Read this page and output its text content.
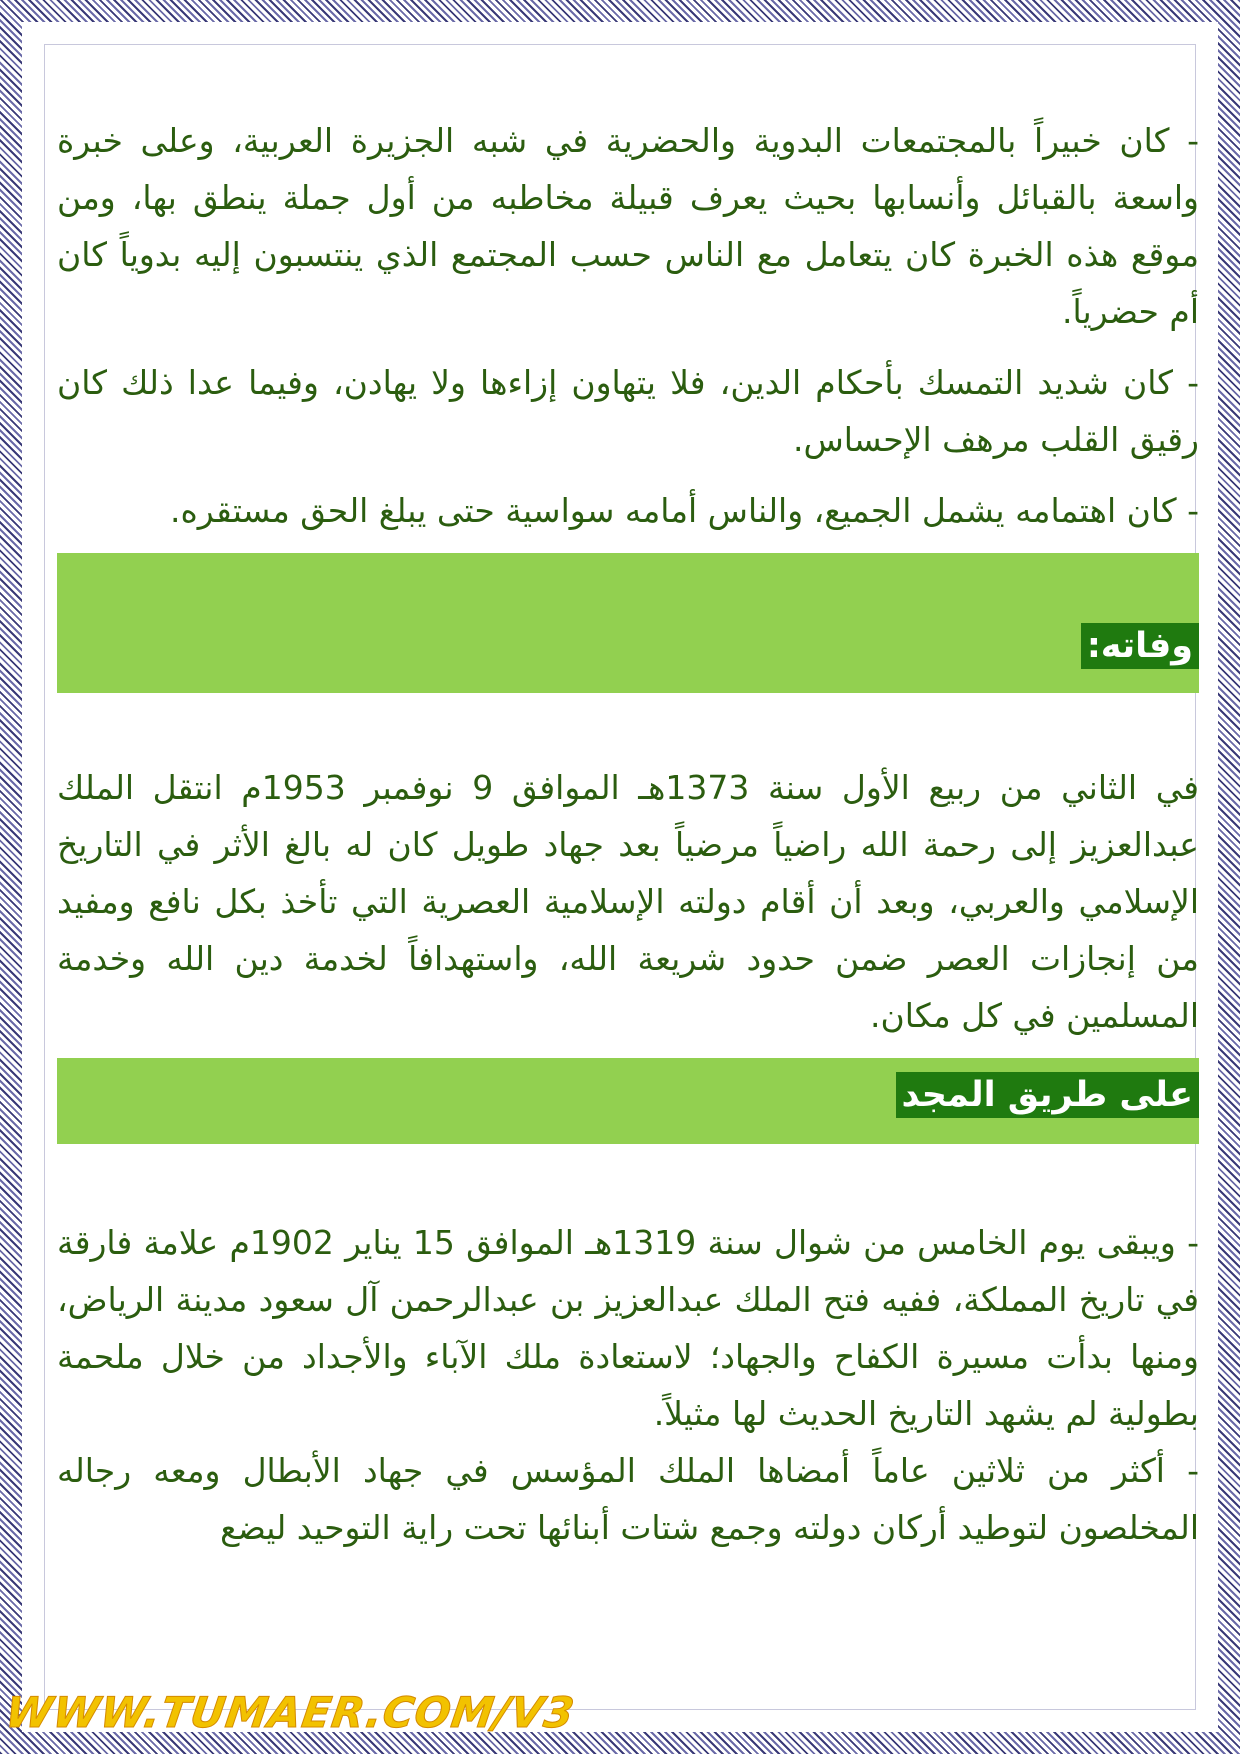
- كان خبيراً بالمجتمعات البدوية والحضرية في شبه الجزيرة العربية، وعلى خبرة واسعة بالقبائل وأنسابها بحيث يعرف قبيلة مخاطبه من أول جملة ينطق بها، ومن موقع هذه الخبرة كان يتعامل مع الناس حسب المجتمع الذي ينتسبون إليه بدوياً كان أم حضرياً.

- كان شديد التمسك بأحكام الدين، فلا يتهاون إزاءها ولا يهادن، وفيما عدا ذلك كان رقيق القلب مرهف الإحساس.

- كان اهتمامه يشمل الجميع، والناس أمامه سواسية حتى يبلغ الحق مستقره.

وفاته:

في الثاني من ربيع الأول سنة 1373هـ الموافق 9 نوفمبر 1953م انتقل الملك عبدالعزيز إلى رحمة الله راضياً مرضياً بعد جهاد طويل كان له بالغ الأثر في التاريخ الإسلامي والعربي، وبعد أن أقام دولته الإسلامية العصرية التي تأخذ بكل نافع ومفيد من إنجازات العصر ضمن حدود شريعة الله، واستهدافاً لخدمة دين الله وخدمة المسلمين في كل مكان.

على طريق المجد

- ويبقى يوم الخامس من شوال سنة 1319هـ الموافق 15 يناير 1902م علامة فارقة في تاريخ المملكة، ففيه فتح الملك عبدالعزيز بن عبدالرحمن آل سعود مدينة الرياض، ومنها بدأت مسيرة الكفاح والجهاد؛ لاستعادة ملك الآباء والأجداد من خلال ملحمة بطولية لم يشهد التاريخ الحديث لها مثيلاً.

- أكثر من ثلاثين عاماً أمضاها الملك المؤسس في جهاد الأبطال ومعه رجاله المخلصون لتوطيد أركان دولته وجمع شتات أبنائها تحت راية التوحيد ليضع

WWW.TUMAER.COM/V3
